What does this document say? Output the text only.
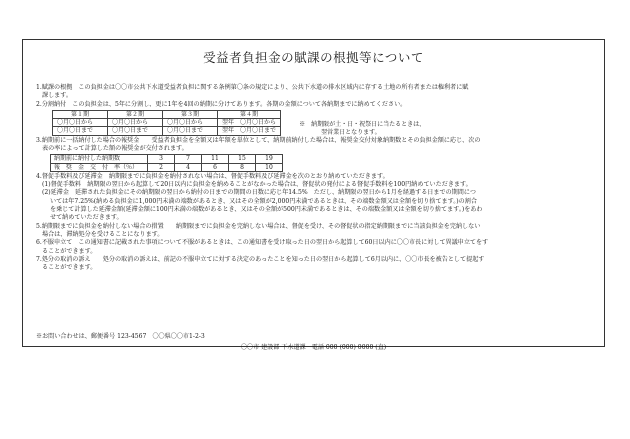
受益者負担金の賦課の根拠等について

1.賦課の根拠　この負担金は〇〇市公共下水道受益者負担に関する条例第〇条の規定により、公共下水道の排水区域内に存する土地の所有者または権利者に賦

課します。

2.分割納付　この負担金は、5年に分割し、更に1年を4回の納期に分けてあります。各期の金額について各納期までに納めてください。

第１期	第２期	第３期	第４期
〇月〇日から	〇月〇日から	〇月〇日から	翌年　〇月〇日から
〇月〇日まで	〇月〇日まで	〇月〇日まで	翌年　〇月〇日まで
※　納期限が土・日・祝祭日に当たるときは、
翌営業日となります。

3.納期前に一括納付した場合の報奨金　　受益者負担金を全額又は年額を単位として、納期前納付した場合は、報奨金交付対象納期数とその負担金額に応じ、次の

表の率によって計算した額の報奨金が交付されます。

納期前に納付した納期数	3	7	11	15	19
報　奨　金　交　付　率（％）	2	4	6	8	10

4.督促手数料及び延滞金　納期限までに負担金を納付されない場合は、督促手数料及び延滞金を次のとおり納めていただきます。

(1)督促手数料　納期限の翌日から起算して20日以内に負担金を納めることがなかった場合は、督促状の発付による督促手数料を100円納めていただきます。

(2)延滞金　延滞された負担金にその納期限の翌日から納付の日までの期間の日数に応じ年14.5%　ただし、納期限の翌日から1月を経過する日までの期間につ

いては年7.25%(納める負担金に1,000円未満の端数があるとき、又はその全額が2,000円未満であるときは、その端数金額又は全額を切り捨てます。)の割合

を乗じて計算した延滞金額(延滞金額に100円未満の端数があるとき、又はその全額が500円未満であるときは、その端数金額又は全額を切り捨てます。)をあわ

せて納めていただきます。

5.納期限までに負担金を納付しない場合の措置　　納期限までに負担金を完納しない場合は、督促を受け、その督促状の指定納期限までに当該負担金を完納しない

場合は、滞納処分を受けることになります。

6.不服申立て　この通知書に記載された事項について不服があるときは、この通知書を受け取った日の翌日から起算して60日以内に〇〇市長に対して異議申立てをす

ることができます。

7.処分の取消の訴え　　処分の取消の訴えは、前記の不服申立てに対する決定のあったことを知った日の翌日から起算して6月以内に、〇〇市長を被告として提起す

ることができます。

※お問い合わせは、郵便番号 123-4567　〇〇県〇〇市1-2-3
〇〇市 建設部 下水道課　電話 000 (000) 0000 (直)
